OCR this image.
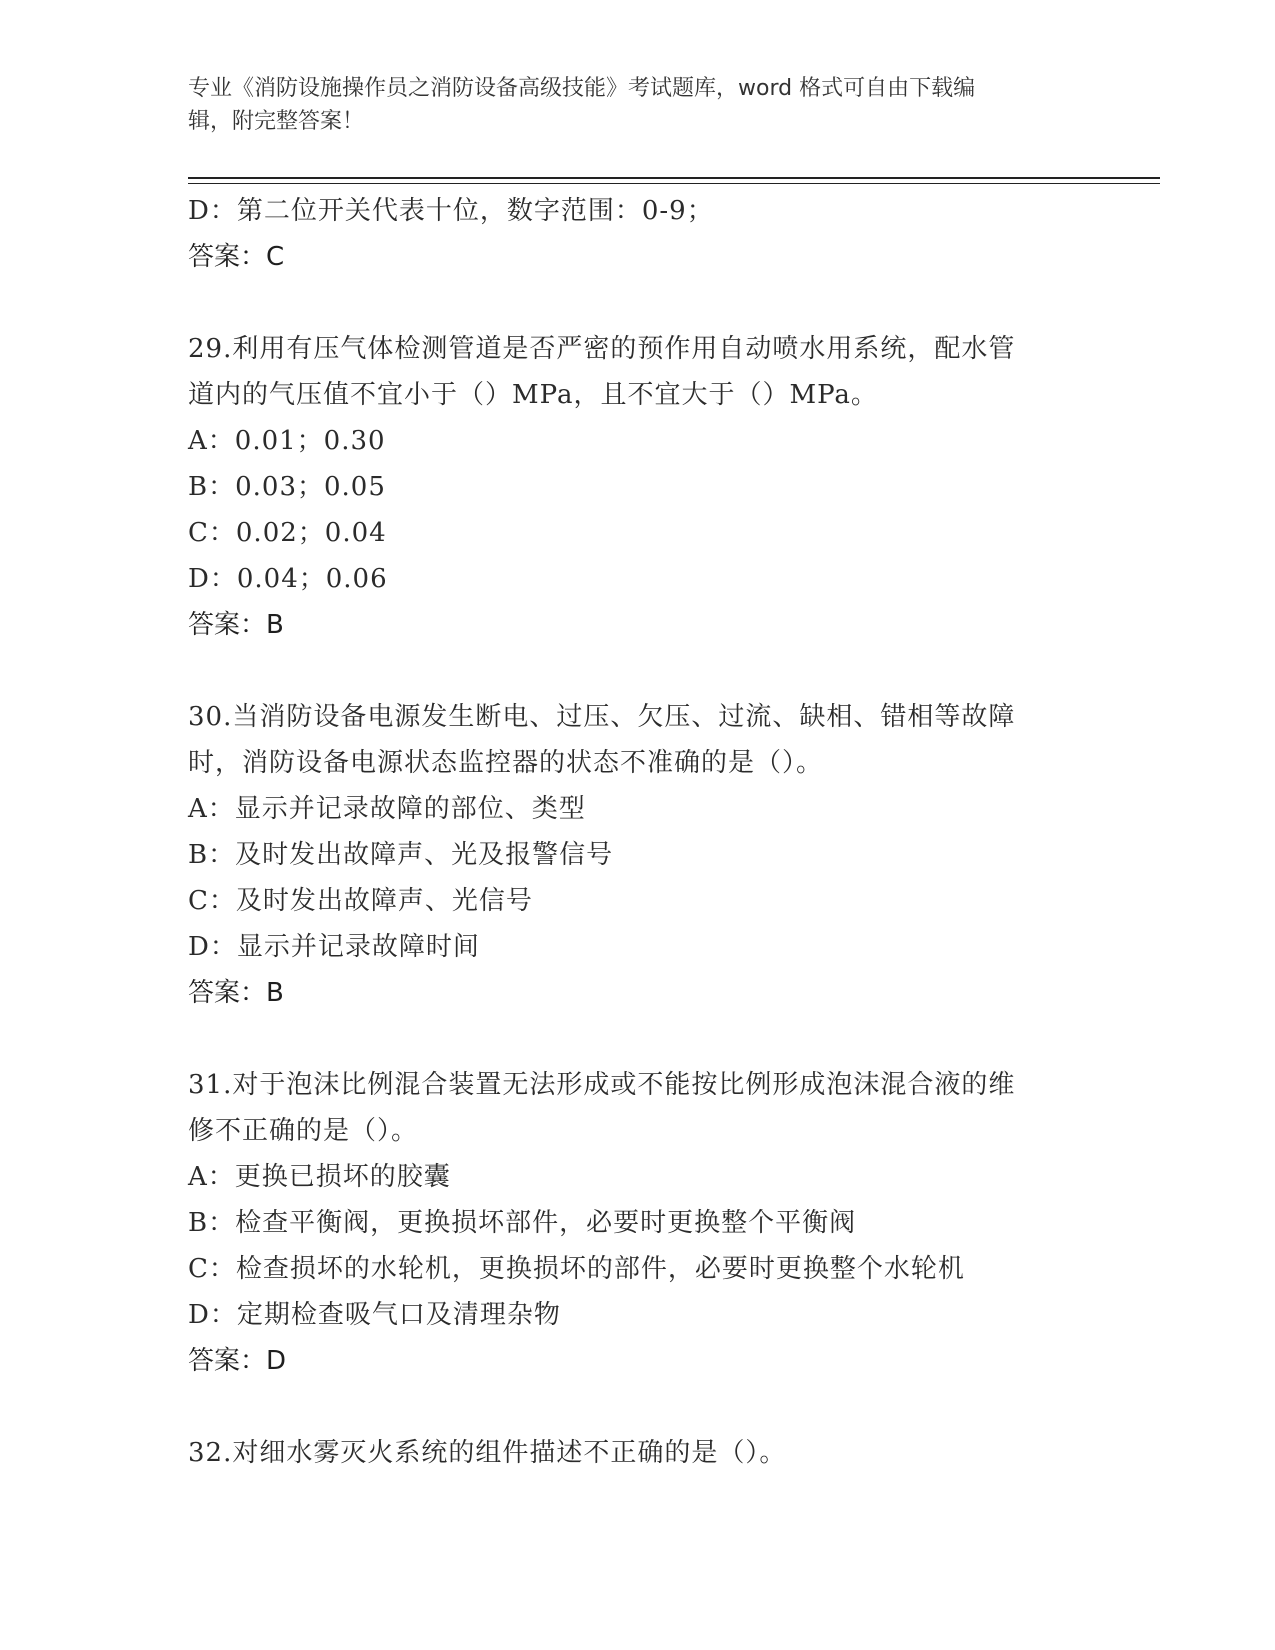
专业《消防设施操作员之消防设备高级技能》考试题库，word 格式可自由下载编
辑，附完整答案！
D：第二位开关代表十位，数字范围：0-9；
答案：C
29.利用有压气体检测管道是否严密的预作用自动喷水用系统，配水管
道内的气压值不宜小于（）MPa，且不宜大于（）MPa。
A：0.01；0.30
B：0.03；0.05
C：0.02；0.04
D：0.04；0.06
答案：B
30.当消防设备电源发生断电、过压、欠压、过流、缺相、错相等故障
时，消防设备电源状态监控器的状态不准确的是（）。
A：显示并记录故障的部位、类型
B：及时发出故障声、光及报警信号
C：及时发出故障声、光信号
D：显示并记录故障时间
答案：B
31.对于泡沫比例混合装置无法形成或不能按比例形成泡沫混合液的维
修不正确的是（）。
A：更换已损坏的胶囊
B：检查平衡阀，更换损坏部件，必要时更换整个平衡阀
C：检查损坏的水轮机，更换损坏的部件，必要时更换整个水轮机
D：定期检查吸气口及清理杂物
答案：D
32.对细水雾灭火系统的组件描述不正确的是（）。
